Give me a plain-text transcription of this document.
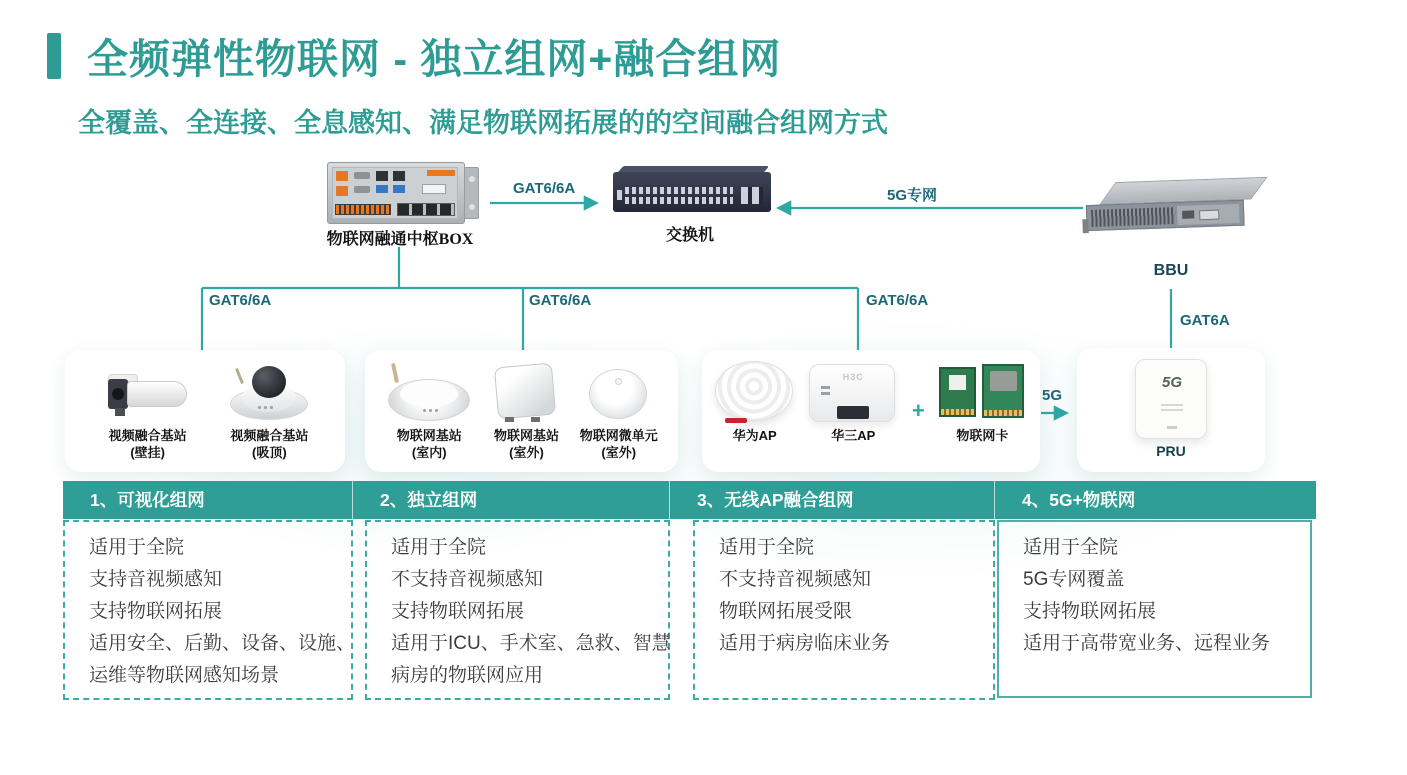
全频弹性物联网 - 独立组网+融合组网
全覆盖、全连接、全息感知、满足物联网拓展的的空间融合组网方式
GAT6/6A	5G专网
GAT6/6A	GAT6/6A	GAT6/6A
GAT6A
5G
物联网融通中枢BOX	交换机
BBU
视频融合基站
(壁挂)
视频融合基站
(吸顶)
物联网基站
(室内)
物联网基站
(室外)
物联网微单元
(室外)
华为AP
H3C
华三AP
+
物联网卡
5G
PRU
1、可视化组网	2、独立组网	3、无线AP融合组网	4、5G+物联网
适用于全院
支持音视频感知
支持物联网拓展
适用安全、后勤、设备、设施、
运维等物联网感知场景
适用于全院
不支持音视频感知
支持物联网拓展
适用于ICU、手术室、急救、智慧
病房的物联网应用
适用于全院
不支持音视频感知
物联网拓展受限
适用于病房临床业务
适用于全院
5G专网覆盖
支持物联网拓展
适用于高带宽业务、远程业务
